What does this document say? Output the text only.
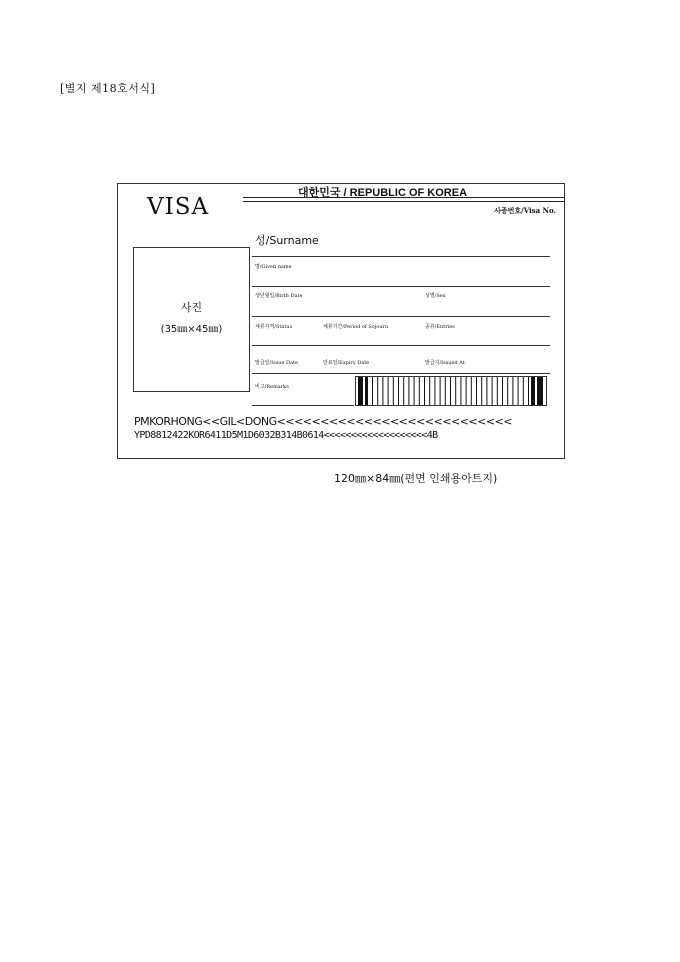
[별지 제18호서식]
VISA
대한민국 / REPUBLIC OF KOREA
사증번호/Visa No.
사진
(35㎜×45㎜)
성/Surname
명/Given name
생년월일/Birth Date	성별/Sex
체류자격/Status	체류기간/Period of Sojourn	종류/Entries
발급일/Issue Date	만료일/Expiry Date	발급지/Issued At
비고/Remarks
PMKORHONG<<GIL<DONG<<<<<<<<<<<<<<<<<<<<<<<<<<<
YPD8812422KOR6411D5M1D6032B314B0614<<<<<<<<<<<<<<<<<<<4B
120㎜×84㎜(편면 인쇄용아트지)
